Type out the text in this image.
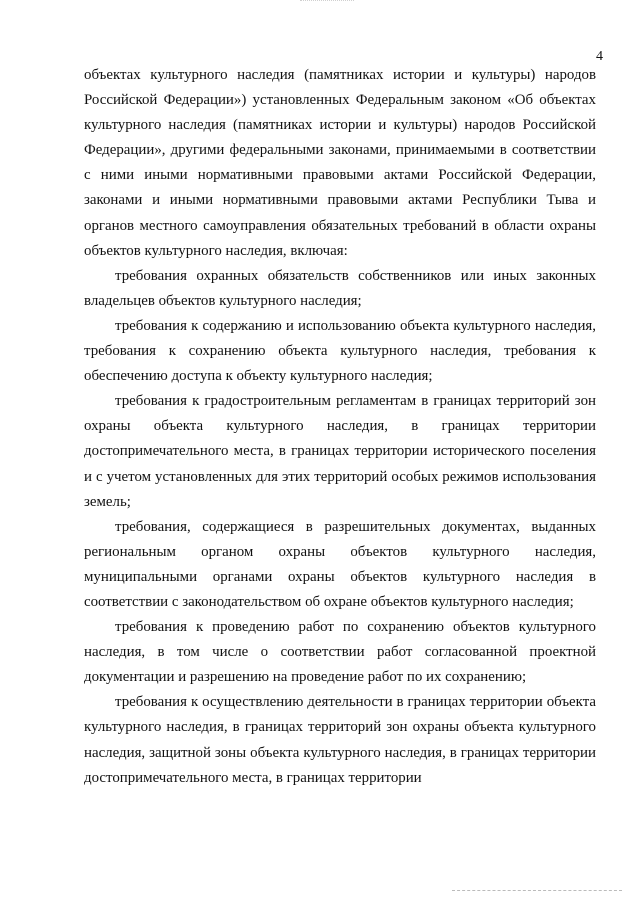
4

объектах культурного наследия (памятниках истории и культуры) народов Российской Федерации») установленных Федеральным законом «Об объектах культурного наследия (памятниках истории и культуры) народов Российской Федерации», другими федеральными законами, принимаемыми в соответствии с ними иными нормативными правовыми актами Российской Федерации, законами и иными нормативными правовыми актами Республики Тыва и органов местного самоуправления обязательных требований в области охраны объектов культурного наследия, включая:

требования охранных обязательств собственников или иных законных владельцев объектов культурного наследия;

требования к содержанию и использованию объекта культурного наследия, требования к сохранению объекта культурного наследия, требования к обеспечению доступа к объекту культурного наследия;

требования к градостроительным регламентам в границах территорий зон охраны объекта культурного наследия, в границах территории достопримечательного места, в границах территории исторического поселения и с учетом установленных для этих территорий особых режимов использования земель;

требования, содержащиеся в разрешительных документах, выданных региональным органом охраны объектов культурного наследия, муниципальными органами охраны объектов культурного наследия в соответствии с законодательством об охране объектов культурного наследия;

требования к проведению работ по сохранению объектов культурного наследия, в том числе о соответствии работ согласованной проектной документации и разрешению на проведение работ по их сохранению;

требования к осуществлению деятельности в границах территории объекта культурного наследия, в границах территорий зон охраны объекта культурного наследия, защитной зоны объекта культурного наследия, в границах территории достопримечательного места, в границах территории
